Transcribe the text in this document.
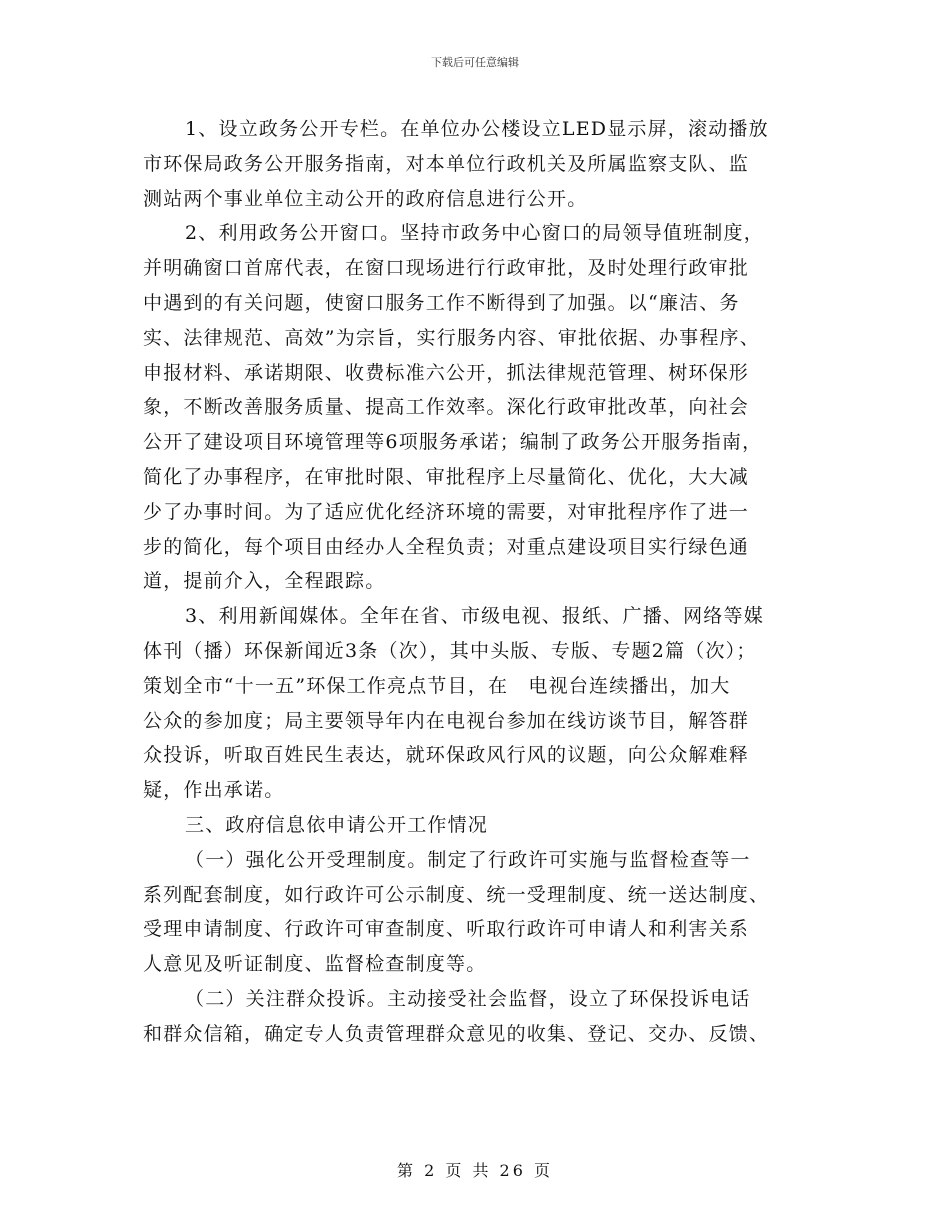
下载后可任意编辑
1、设立政务公开专栏。在单位办公楼设立LED显示屏，滚动播放
市环保局政务公开服务指南，对本单位行政机关及所属监察支队、监
测站两个事业单位主动公开的政府信息进行公开。
2、利用政务公开窗口。坚持市政务中心窗口的局领导值班制度，
并明确窗口首席代表，在窗口现场进行行政审批，及时处理行政审批
中遇到的有关问题，使窗口服务工作不断得到了加强。以“廉洁、务
实、法律规范、高效”为宗旨，实行服务内容、审批依据、办事程序、
申报材料、承诺期限、收费标准六公开，抓法律规范管理、树环保形
象，不断改善服务质量、提高工作效率。深化行政审批改革，向社会
公开了建设项目环境管理等6项服务承诺；编制了政务公开服务指南，
简化了办事程序，在审批时限、审批程序上尽量简化、优化，大大减
少了办事时间。为了适应优化经济环境的需要，对审批程序作了进一
步的简化，每个项目由经办人全程负责；对重点建设项目实行绿色通
道，提前介入，全程跟踪。
3、利用新闻媒体。全年在省、市级电视、报纸、广播、网络等媒
体刊（播）环保新闻近3条（次），其中头版、专版、专题2篇（次）；
策划全市“十一五”环保工作亮点节目，在　电视台连续播出，加大
公众的参加度；局主要领导年内在电视台参加在线访谈节目，解答群
众投诉，听取百姓民生表达，就环保政风行风的议题，向公众解难释
疑，作出承诺。
三、政府信息依申请公开工作情况
（一）强化公开受理制度。制定了行政许可实施与监督检查等一
系列配套制度，如行政许可公示制度、统一受理制度、统一送达制度、
受理申请制度、行政许可审查制度、听取行政许可申请人和利害关系
人意见及听证制度、监督检查制度等。
（二）关注群众投诉。主动接受社会监督，设立了环保投诉电话
和群众信箱，确定专人负责管理群众意见的收集、登记、交办、反馈、
第 2 页 共 26 页
